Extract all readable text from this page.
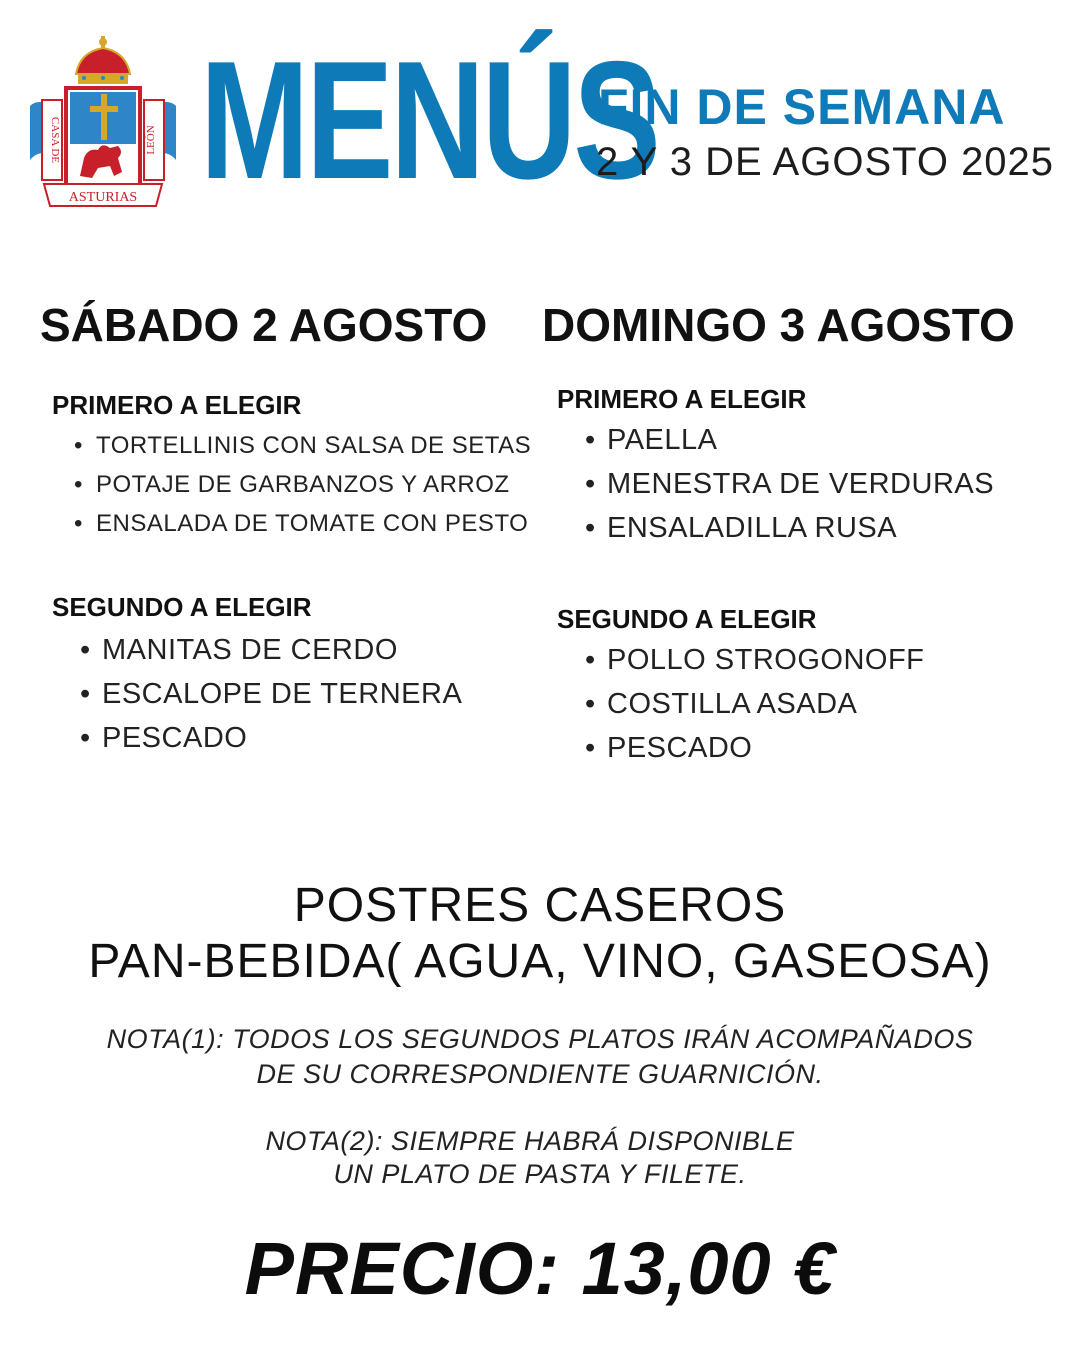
CASA DE	LEÓN
ASTURIAS MENÚS
FIN DE SEMANA
2 Y 3 DE AGOSTO 2025
SÁBADO 2 AGOSTO DOMINGO 3 AGOSTO
PRIMERO A ELEGIR
• TORTELLINIS CON SALSA DE SETAS
• POTAJE DE GARBANZOS Y ARROZ
• ENSALADA DE TOMATE CON PESTO
SEGUNDO A ELEGIR
• MANITAS DE CERDO
• ESCALOPE DE TERNERA
• PESCADO
PRIMERO A ELEGIR
• PAELLA
• MENESTRA DE VERDURAS
• ENSALADILLA RUSA
SEGUNDO A ELEGIR
• POLLO STROGONOFF
• COSTILLA ASADA
• PESCADO
POSTRES CASEROS
PAN-BEBIDA( AGUA, VINO, GASEOSA)
NOTA(1): TODOS LOS SEGUNDOS PLATOS IRÁN ACOMPAÑADOS
DE SU CORRESPONDIENTE GUARNICIÓN.
NOTA(2): SIEMPRE HABRÁ DISPONIBLE
UN PLATO DE PASTA Y FILETE.
PRECIO: 13,00 €
